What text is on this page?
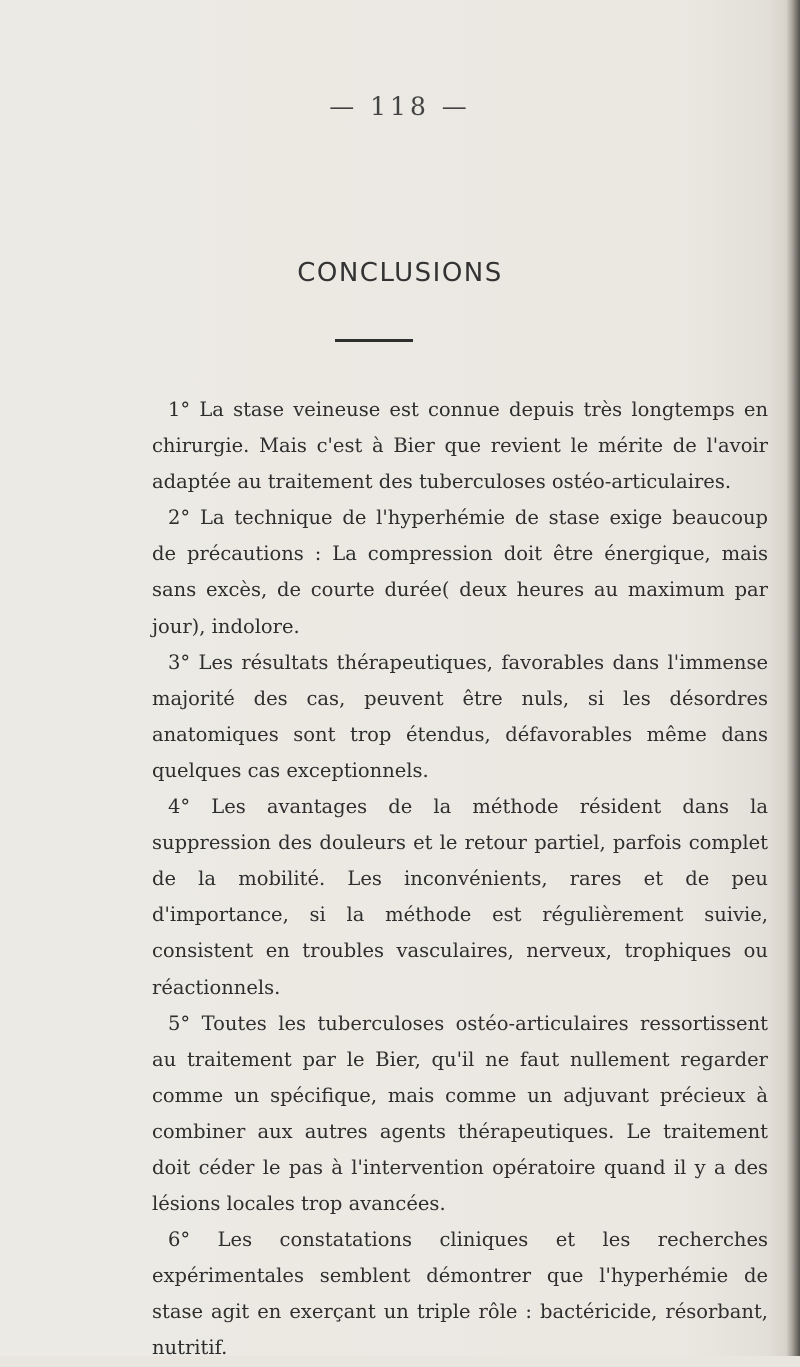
— 118 —
CONCLUSIONS
1° La stase veineuse est connue depuis très longtemps en chirurgie. Mais c'est à Bier que revient le mérite de l'avoir adaptée au traitement des tuberculoses ostéo-articulaires.
2° La technique de l'hyperhémie de stase exige beaucoup de précautions : La compression doit être énergique, mais sans excès, de courte durée( deux heures au maximum par jour), indolore.
3° Les résultats thérapeutiques, favorables dans l'immense majorité des cas, peuvent être nuls, si les désordres anatomiques sont trop étendus, défavorables même dans quelques cas exceptionnels.
4° Les avantages de la méthode résident dans la suppression des douleurs et le retour partiel, parfois complet de la mobilité. Les inconvénients, rares et de peu d'importance, si la méthode est régulièrement suivie, consistent en troubles vasculaires, nerveux, trophiques ou réactionnels.
5° Toutes les tuberculoses ostéo-articulaires ressortissent au traitement par le Bier, qu'il ne faut nullement regarder comme un spécifique, mais comme un adjuvant précieux à combiner aux autres agents thérapeutiques. Le traitement doit céder le pas à l'intervention opératoire quand il y a des lésions locales trop avancées.
6° Les constatations cliniques et les recherches expérimentales semblent démontrer que l'hyperhémie de stase agit en exerçant un triple rôle : bactéricide, résorbant, nutritif.
